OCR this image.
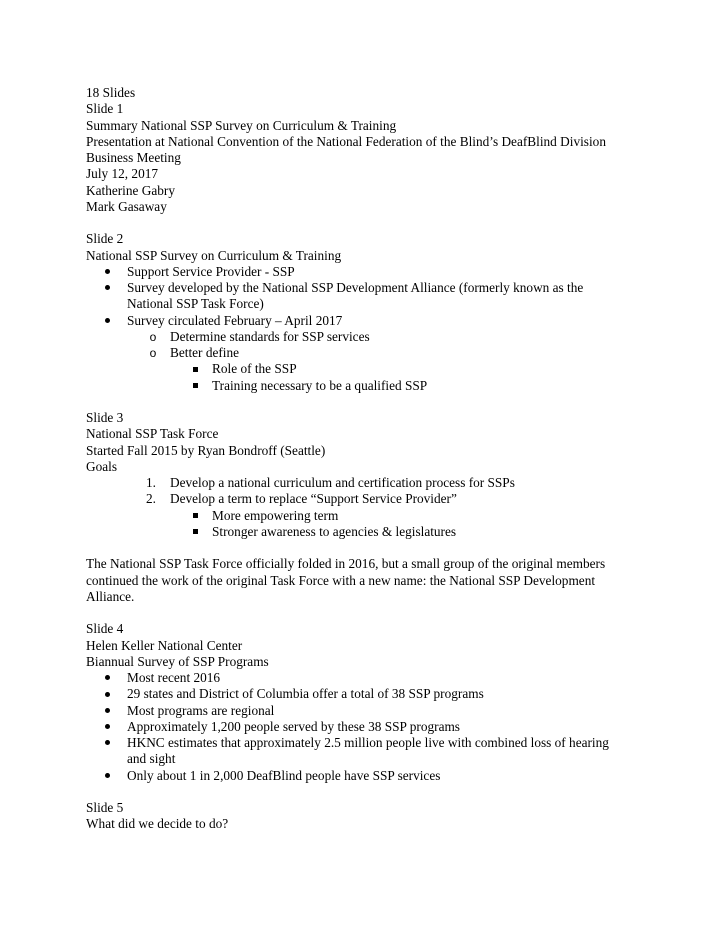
18 Slides
Slide 1
Summary National SSP Survey on Curriculum & Training
Presentation at National Convention of the National Federation of the Blind’s DeafBlind Division Business Meeting
July 12, 2017
Katherine Gabry
Mark Gasaway
Slide 2
National SSP Survey on Curriculum & Training
Support Service Provider - SSP
Survey developed by the National SSP Development Alliance (formerly known as the National SSP Task Force)
Survey circulated February – April 2017
o Determine standards for SSP services
o Better define
Role of the SSP
Training necessary to be a qualified SSP
Slide 3
National SSP Task Force
Started Fall 2015 by Ryan Bondroff (Seattle)
Goals
1. Develop a national curriculum and certification process for SSPs
2. Develop a term to replace “Support Service Provider”
More empowering term
Stronger awareness to agencies & legislatures

The National SSP Task Force officially folded in 2016, but a small group of the original members continued the work of the original Task Force with a new name: the National SSP Development Alliance.

Slide 4
Helen Keller National Center
Biannual Survey of SSP Programs
Most recent 2016
29 states and District of Columbia offer a total of 38 SSP programs
Most programs are regional
Approximately 1,200 people served by these 38 SSP programs
HKNC estimates that approximately 2.5 million people live with combined loss of hearing and sight
Only about 1 in 2,000 DeafBlind people have SSP services
Slide 5
What did we decide to do?
